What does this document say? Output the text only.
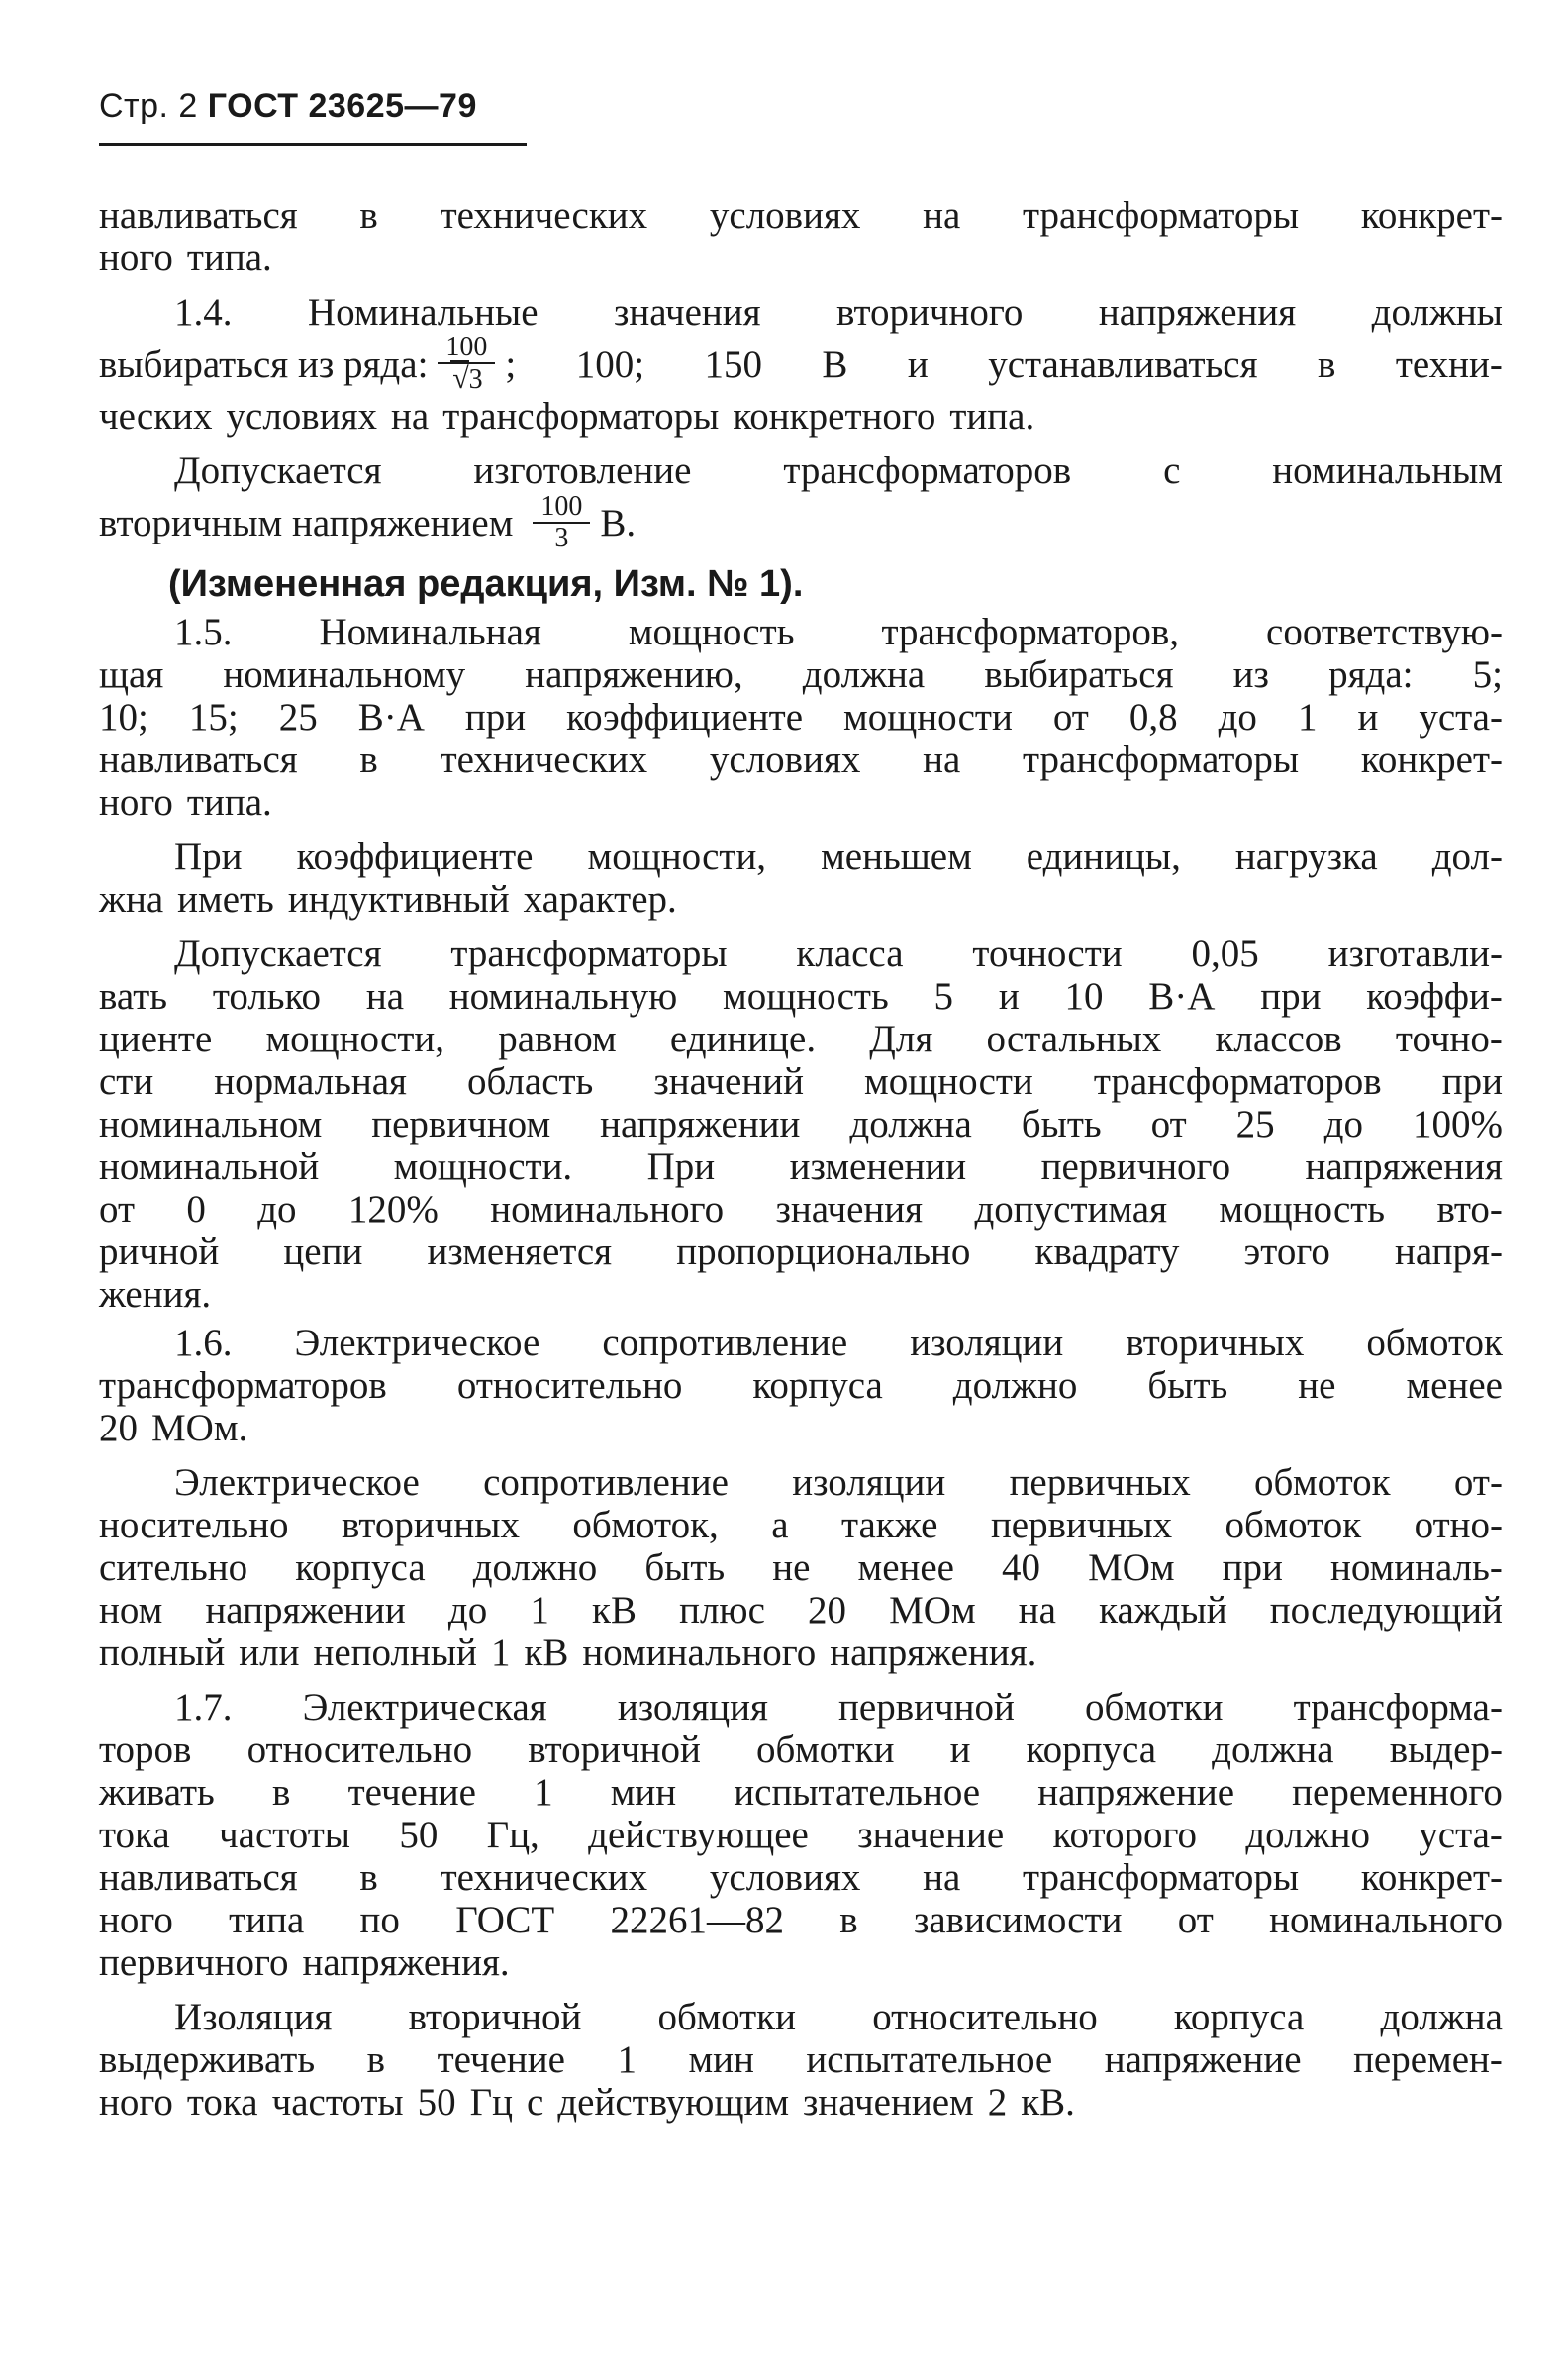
Стр. 2 ГОСТ 23625—79
навливаться в технических условиях на трансформаторы конкрет-
ного типа.
1.4. Номинальные значения вторичного напряжения должны
выбираться из ряда: $\frac{100}{√3}$ ; 100; 150 В и устанавливаться в техни-
ческих условиях на трансформаторы конкретного типа.
Допускается изготовление трансформаторов с номинальным
вторичным напряжением $\frac{100}{3} В$.
(Измененная редакция, Изм. № 1).
1.5. Номинальная мощность трансформаторов, соответствую-
щая номинальному напряжению, должна выбираться из ряда: 5;
10; 15; 25 В·А при коэффициенте мощности от 0,8 до 1 и уста-
навливаться в технических условиях на трансформаторы конкрет-
ного типа.
При коэффициенте мощности, меньшем единицы, нагрузка дол-
жна иметь индуктивный характер.
Допускается трансформаторы класса точности 0,05 изготавли-
вать только на номинальную мощность 5 и 10 В·А при коэффи-
циенте мощности, равном единице. Для остальных классов точно-
сти нормальная область значений мощности трансформаторов при
номинальном первичном напряжении должна быть от 25 до 100%
номинальной мощности. При изменении первичного напряжения
от 0 до 120% номинального значения допустимая мощность вто-
ричной цепи изменяется пропорционально квадрату этого напря-
жения.
1.6. Электрическое сопротивление изоляции вторичных обмоток
трансформаторов относительно корпуса должно быть не менее
20 МОм.
Электрическое сопротивление изоляции первичных обмоток от-
носительно вторичных обмоток, а также первичных обмоток отно-
сительно корпуса должно быть не менее 40 МОм при номиналь-
ном напряжении до 1 кВ плюс 20 МОм на каждый последующий
полный или неполный 1 кВ номинального напряжения.
1.7. Электрическая изоляция первичной обмотки трансформа-
торов относительно вторичной обмотки и корпуса должна выдер-
живать в течение 1 мин испытательное напряжение переменного
тока частоты 50 Гц, действующее значение которого должно уста-
навливаться в технических условиях на трансформаторы конкрет-
ного типа по ГОСТ 22261—82 в зависимости от номинального
первичного напряжения.
Изоляция вторичной обмотки относительно корпуса должна
выдерживать в течение 1 мин испытательное напряжение перемен-
ного тока частоты 50 Гц с действующим значением 2 кВ.
